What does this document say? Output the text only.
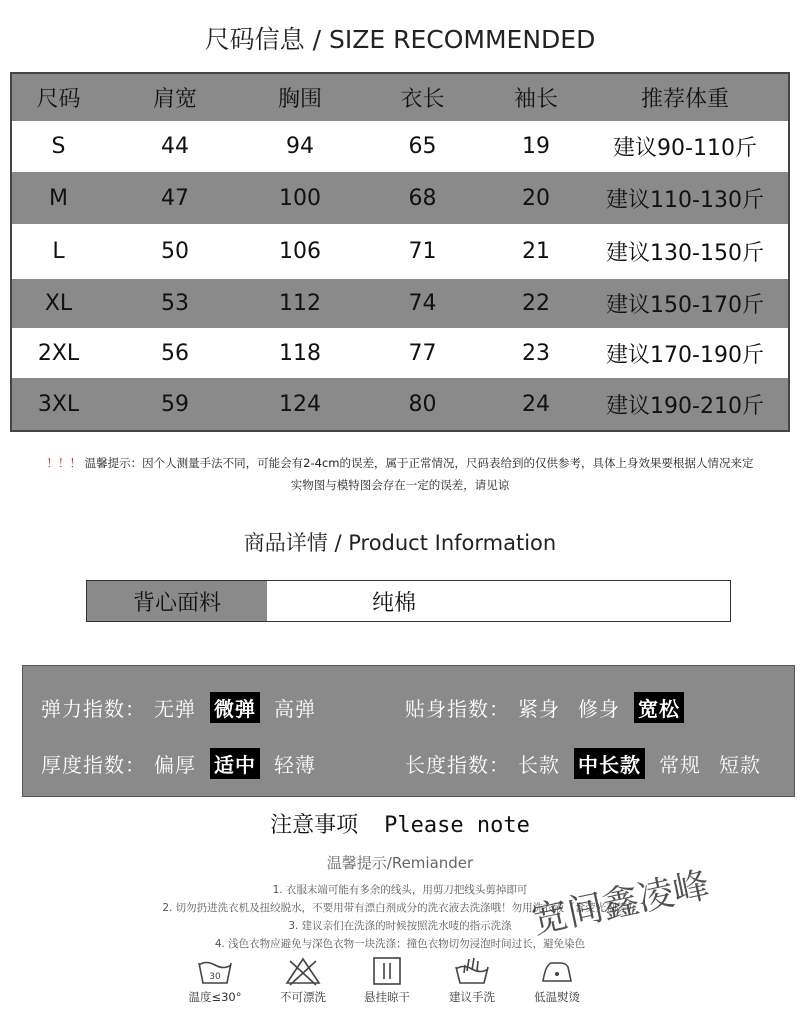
尺码信息 / SIZE RECOMMENDED
尺码	肩宽	胸围	衣长	袖长	推荐体重
S	44	94	65	19	建议90-110斤
M	47	100	68	20	建议110-130斤
L	50	106	71	21	建议130-150斤
XL	53	112	74	22	建议150-170斤
2XL	56	118	77	23	建议170-190斤
3XL	59	124	80	24	建议190-210斤
！！！ 温馨提示：因个人测量手法不同，可能会有2-4cm的误差，属于正常情况，尺码表给到的仅供参考，具体上身效果要根据人情况来定
实物图与模特图会存在一定的误差，请见谅
商品详情 / Product Information
背心面料	纯棉
弹力指数： 无弹 微弹 高弹	贴身指数： 紧身 修身 宽松
厚度指数： 偏厚 适中 轻薄	长度指数： 长款 中长款 常规 短款
注意事项 Please note
温馨提示/Remiander
1. 衣服末端可能有多余的线头，用剪刀把线头剪掉即可
2. 切勿扔进洗衣机及扭绞脱水，不要用带有漂白剂成分的洗衣液去洗涤哦！勿用洗衣液（含荧光剂等）
3. 建议亲们在洗涤的时候按照洗水唛的指示洗涤
4. 浅色衣物应避免与深色衣物一块洗涤；撞色衣物切勿浸泡时间过长，避免染色
30
温度≤30°	不可漂洗	悬挂晾干	建议手洗	低温熨烫
宽间鑫凌峰
